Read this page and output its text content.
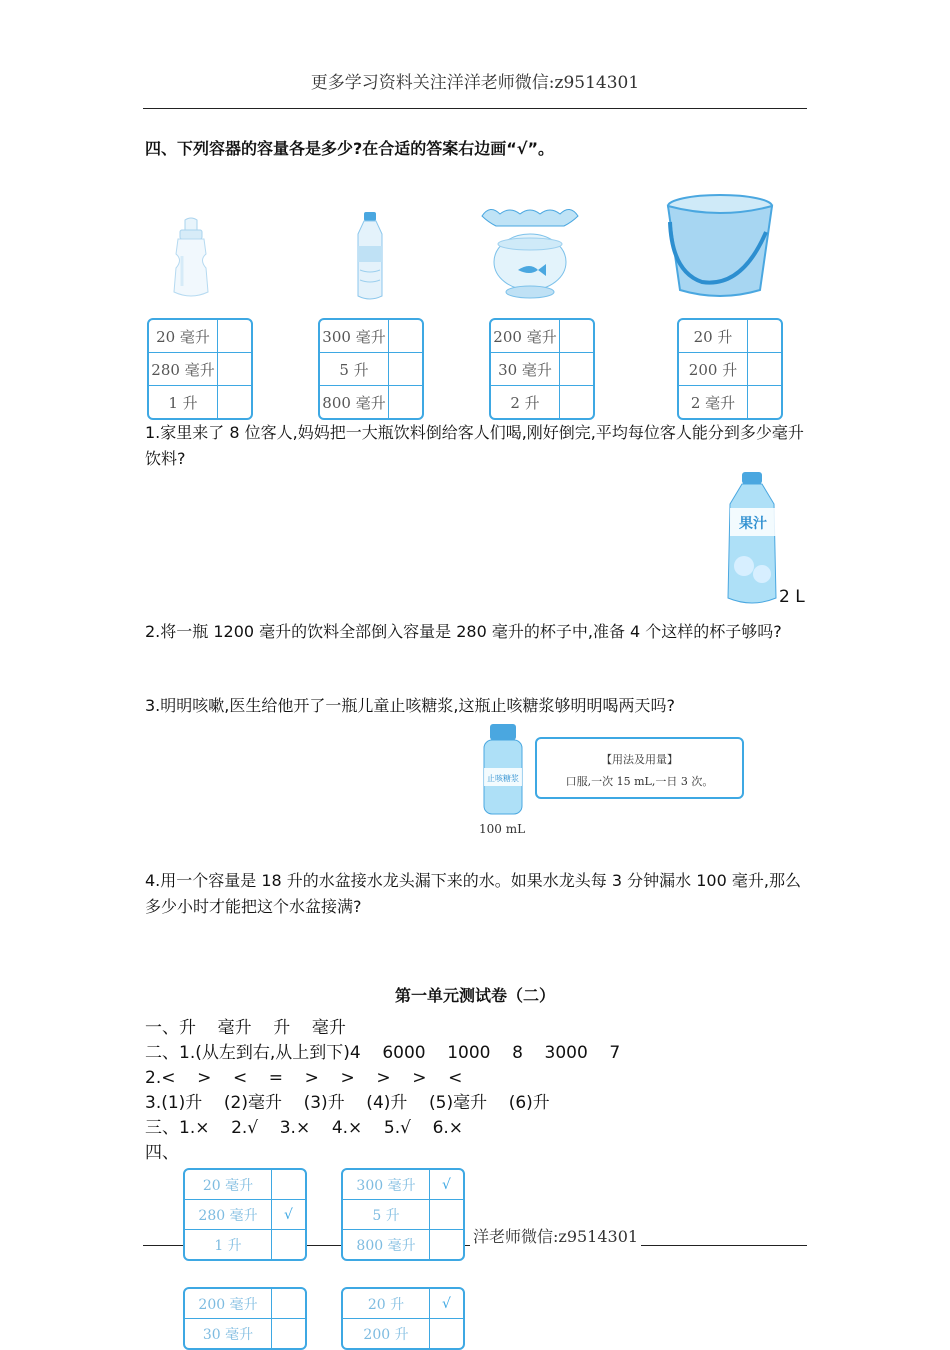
更多学习资料关注洋洋老师微信:z9514301
四、下列容器的容量各是多少?在合适的答案右边画“√”。
20 毫升	
280 毫升	
1 升	
300 毫升	
5 升	
800 毫升	
200 毫升	
30 毫升	
2 升	
20 升	
200 升	
2 毫升	
1.家里来了 8 位客人,妈妈把一大瓶饮料倒给客人们喝,刚好倒完,平均每位客人能分到多少毫升饮料?
果汁
2 L
2.将一瓶 1200 毫升的饮料全部倒入容量是 280 毫升的杯子中,准备 4 个这样的杯子够吗?
3.明明咳嗽,医生给他开了一瓶儿童止咳糖浆,这瓶止咳糖浆够明明喝两天吗?
止咳糖浆
100 mL
【用法及用量】
口服,一次 15 mL,一日 3 次。
4.用一个容量是 18 升的水盆接水龙头漏下来的水。如果水龙头每 3 分钟漏水 100 毫升,那么多少小时才能把这个水盆接满?
第一单元测试卷（二）
一、升    毫升    升    毫升
二、1.(从左到右,从上到下)4    6000    1000    8    3000    7
2.<    >    <    =    >    >    >    >    <
3.(1)升    (2)毫升    (3)升    (4)升    (5)毫升    (6)升
三、1.×    2.√    3.×    4.×    5.√    6.×
四、
洋老师微信:z9514301
20 毫升	
280 毫升	√
1 升	
300 毫升	√
5 升	
800 毫升	
200 毫升	
30 毫升	
20 升	√
200 升	
